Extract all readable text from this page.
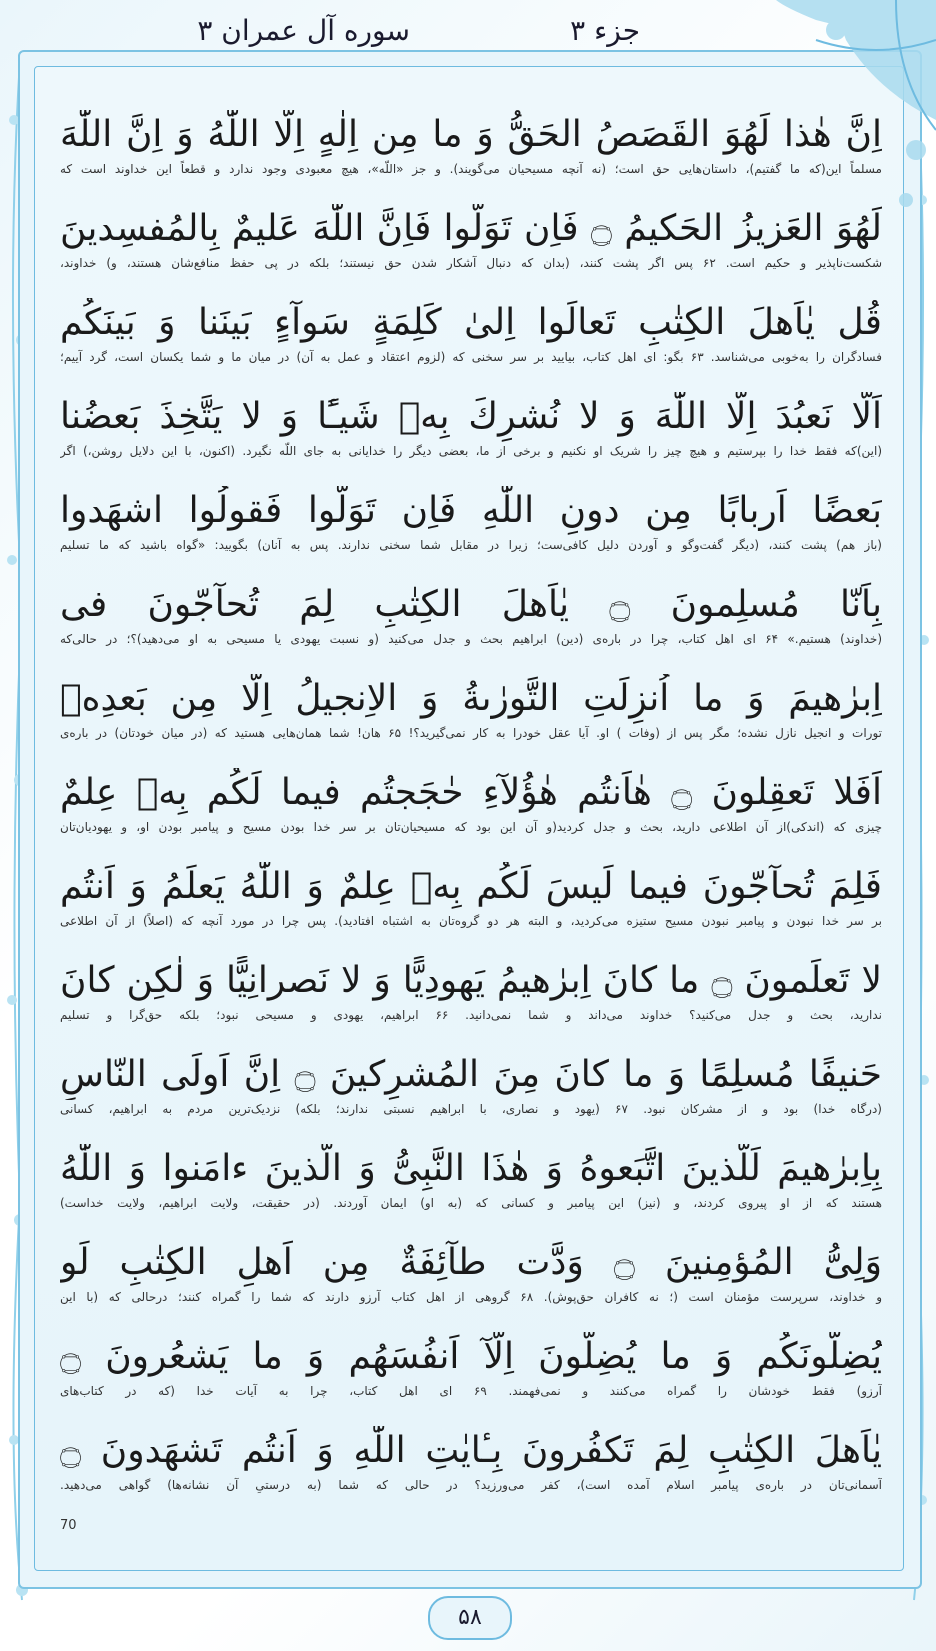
جزء ۳
سوره آل عمران ۳
اِنَّ هٰذا لَهُوَ القَصَصُ الحَقُّ وَ ما مِن اِلٰهٍ اِلَّا اللّٰهُ وَ اِنَّ اللّٰهَ
مسلماً این(که ما گفتیم)، داستان‌هایی حق است؛ (نه آنچه مسیحیان می‌گویند). و جز «اللّه»، هیچ معبودی وجود ندارد و قطعاً این خداوند است که
لَهُوَ العَزيزُ الحَكيمُ ۝ فَاِن تَوَلَّوا فَاِنَّ اللّٰهَ عَليمٌ بِالمُفسِدينَ
شکست‌ناپذیر و حکیم است. ۶۲ پس اگر پشت کنند، (بدان که دنبال آشکار شدن حق نیستند؛ بلکه در پی حفظ منافع‌شان هستند، و) خداوند،
قُل يٰاَهلَ الكِتٰبِ تَعالَوا اِلىٰ كَلِمَةٍ سَوآءٍ بَينَنا وَ بَينَكُم
فسادگران را به‌خوبی می‌شناسد. ۶۳ بگو: ای اهل کتاب، بیایید بر سر سخنی که (لزوم اعتقاد و عمل به آن) در میان ما و شما یکسان است، گرد آییم؛
اَلّا نَعبُدَ اِلَّا اللّٰهَ وَ لا نُشرِكَ بِهٖ شَيـًٔا وَ لا يَتَّخِذَ بَعضُنا
(این)که فقط خدا را بپرستیم و هیچ چیز را شریک او نکنیم و برخی از ما، بعضی دیگر را خدایانی به جای اللّه نگیرد. (اکنون، با این دلایل روشن،) اگر
بَعضًا اَربابًا مِن دونِ اللّٰهِ فَاِن تَوَلَّوا فَقولُوا اشهَدوا
(باز هم) پشت کنند، (دیگر گفت‌وگو و آوردن دلیل کافی‌ست؛ زیرا در مقابل شما سخنی ندارند. پس به آنان) بگویید: «گواه باشید که ما تسلیم
بِاَنّا مُسلِمونَ ۝ يٰاَهلَ الكِتٰبِ لِمَ تُحآجّونَ فى
(خداوند) هستیم.» ۶۴ ای اهل کتاب، چرا در باره‌ی (دین) ابراهیم بحث و جدل می‌کنید (و نسبت یهودی یا مسیحی به او می‌دهید)؟؛ در حالی‌که
اِبرٰهيمَ وَ ما اُنزِلَتِ التَّورٰىةُ وَ الاِنجيلُ اِلّا مِن بَعدِهٖ
تورات و انجیل نازل نشده؛ مگر پس از (وفات ) او. آیا عقل خودرا به کار نمی‌گیرید؟! ۶۵ هان! شما همان‌هایی هستید که (در میان خودتان) در باره‌ی
اَفَلا تَعقِلونَ ۝ هٰاَنتُم هٰؤُلآءِ حٰجَجتُم فيما لَكُم بِهٖ عِلمٌ
چیزی که (اندکی)از آن اطلاعی دارید، بحث و جدل کردید(و آن این بود که مسیحیان‌تان بر سر خدا بودن مسیح و پیامبر بودن او، و یهودیان‌تان
فَلِمَ تُحآجّونَ فيما لَيسَ لَكُم بِهٖ عِلمٌ وَ اللّٰهُ يَعلَمُ وَ اَنتُم
بر سر خدا نبودن و پیامبر نبودن مسیح ستیزه می‌کردید، و البته هر دو گروه‌تان به اشتباه افتادید). پس چرا در مورد آنچه که (اصلاً) از آن اطلاعی
لا تَعلَمونَ ۝ ما كانَ اِبرٰهيمُ يَهودِيًّا وَ لا نَصرانِيًّا وَ لٰكِن كانَ
ندارید، بحث و جدل می‌کنید؟ خداوند می‌داند و شما نمی‌دانید. ۶۶ ابراهیم، یهودی و مسیحی نبود؛ بلکه حق‌گرا و تسلیم
حَنيفًا مُسلِمًا وَ ما كانَ مِنَ المُشرِكينَ ۝ اِنَّ اَولَى النّاسِ
(درگاه خدا) بود و از مشرکان نبود. ۶۷ (یهود و نصاری، با ابراهیم نسبتی ندارند؛ بلکه) نزدیک‌ترین مردم به ابراهیم، کسانی
بِاِبرٰهيمَ لَلَّذينَ اتَّبَعوهُ وَ هٰذَا النَّبِىُّ وَ الَّذينَ ءامَنوا وَ اللّٰهُ
هستند که از او پیروی کردند، و (نیز) این پیامبر و کسانی که (به او) ایمان آوردند. (در حقیقت، ولایت ابراهیم، ولایت خداست)
وَلِىُّ المُؤمِنينَ ۝ وَدَّت طآئِفَةٌ مِن اَهلِ الكِتٰبِ لَو
و خداوند، سرپرست مؤمنان است (؛ نه کافران حق‌پوش). ۶۸ گروهی از اهل کتاب آرزو دارند که شما را گمراه کنند؛ درحالی که (با این
يُضِلّونَكُم وَ ما يُضِلّونَ اِلّآ اَنفُسَهُم وَ ما يَشعُرونَ ۝
آرزو) فقط خودشان را گمراه می‌کنند و نمی‌فهمند. ۶۹ ای اهل کتاب، چرا به آیات خدا (که در کتاب‌های
يٰاَهلَ الكِتٰبِ لِمَ تَكفُرونَ بِـٔايٰتِ اللّٰهِ وَ اَنتُم تَشهَدونَ ۝
آسمانی‌تان در باره‌ی پیامبر اسلام آمده است)، کفر می‌ورزید؟ در حالی که شما (به درستیِ آن نشانه‌ها) گواهی می‌دهید.
70
۵۸
